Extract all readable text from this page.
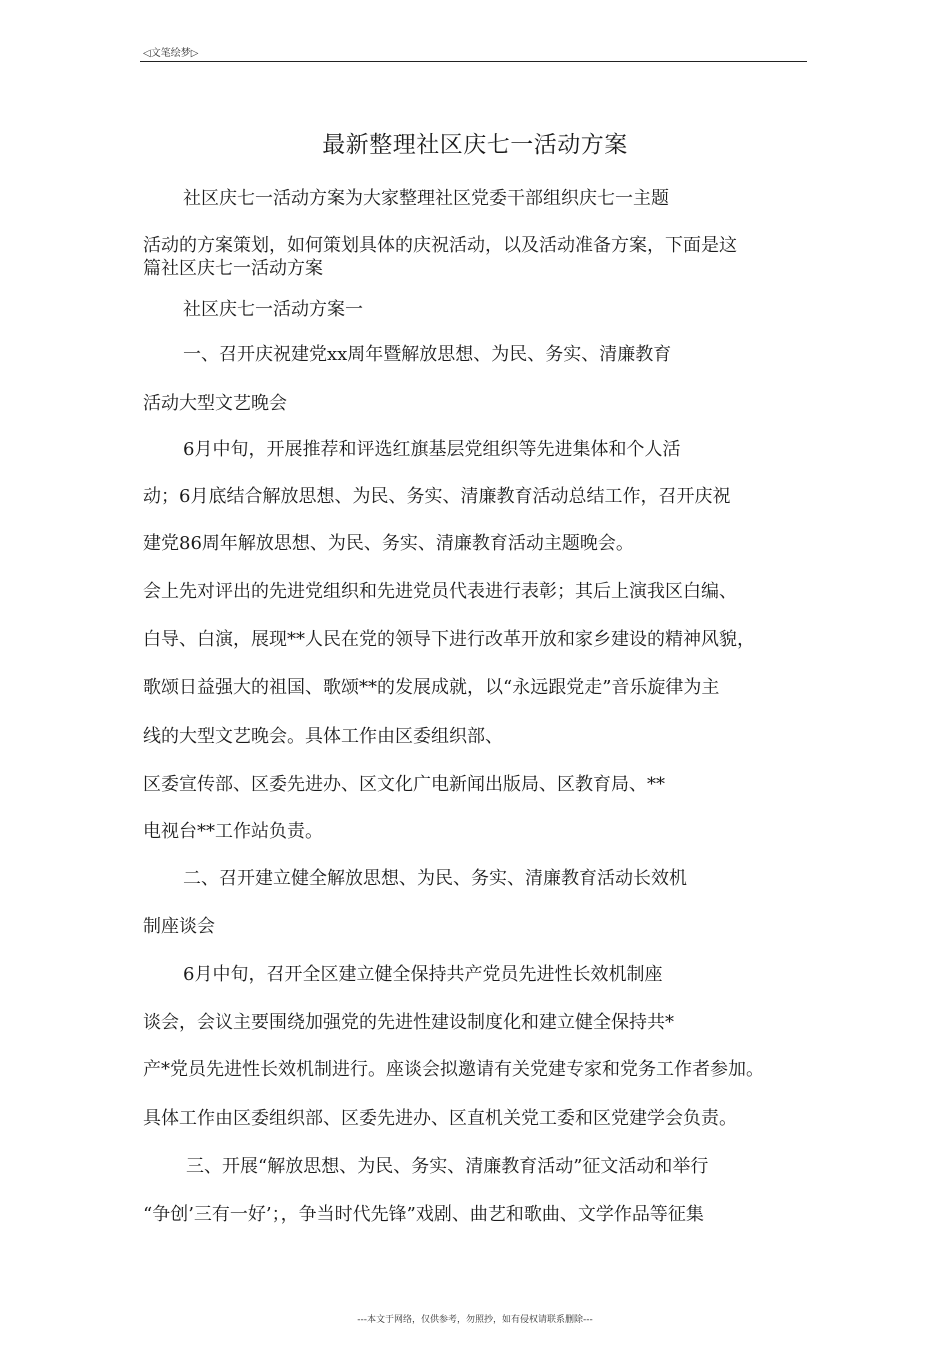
◁文笔绘梦▷
最新整理社区庆七一活动方案
社区庆七一活动方案为大家整理社区党委干部组织庆七一主题
活动的方案策划，如何策划具体的庆祝活动，以及活动准备方案，下面是这
篇社区庆七一活动方案
社区庆七一活动方案一
一、召开庆祝建党xx周年暨解放思想、为民、务实、清廉教育
活动大型文艺晚会
6月中旬，开展推荐和评选红旗基层党组织等先进集体和个人活
动；6月底结合解放思想、为民、务实、清廉教育活动总结工作，召开庆祝
建党86周年解放思想、为民、务实、清廉教育活动主题晚会。
会上先对评出的先进党组织和先进党员代表进行表彰；其后上演我区白编、
白导、白演，展现**人民在党的领导下进行改革开放和家乡建设的精神风貌，
歌颂日益强大的祖国、歌颂**的发展成就，以“永远跟党走”音乐旋律为主
线的大型文艺晚会。具体工作由区委组织部、
区委宣传部、区委先进办、区文化广电新闻出版局、区教育局、**
电视台**工作站负责。
二、召开建立健全解放思想、为民、务实、清廉教育活动长效机
制座谈会
6月中旬，召开全区建立健全保持共产党员先进性长效机制座
谈会，会议主要围绕加强党的先进性建设制度化和建立健全保持共*
产*党员先进性长效机制进行。座谈会拟邀请有关党建专家和党务工作者参加。
具体工作由区委组织部、区委先进办、区直机关党工委和区党建学会负责。
三、开展“解放思想、为民、务实、清廉教育活动”征文活动和举行
“争创’三有一好’；，争当时代先锋”戏剧、曲艺和歌曲、文学作品等征集
---本文于网络，仅供参考，勿照抄，如有侵权请联系删除---
